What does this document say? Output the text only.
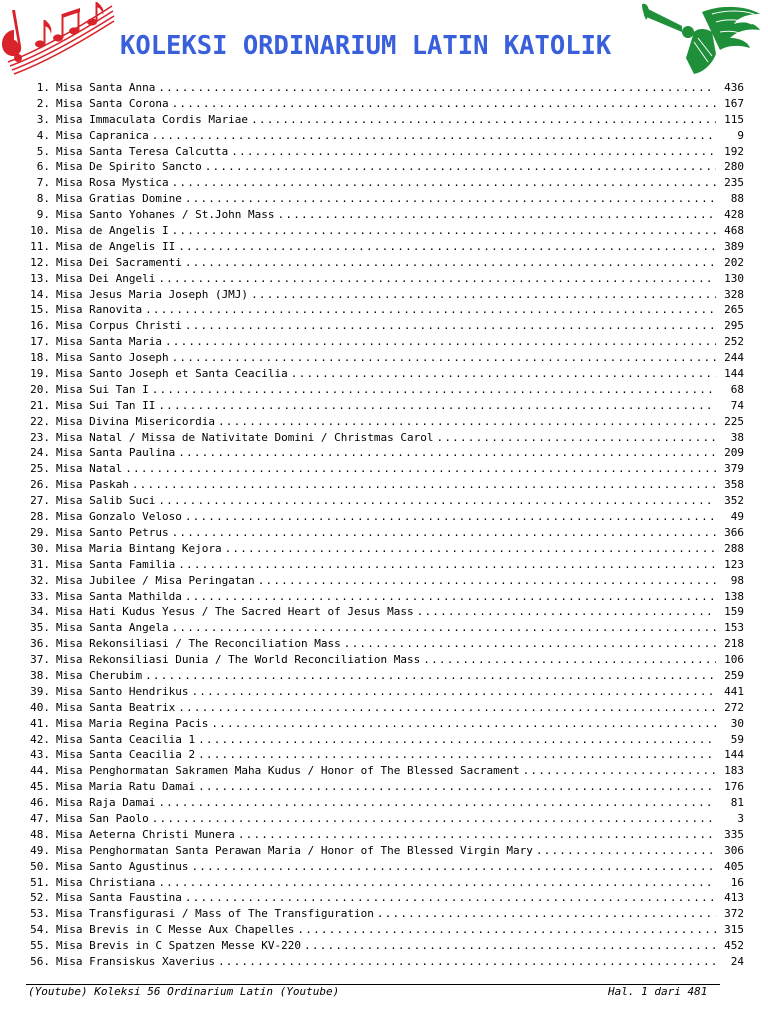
KOLEKSI ORDINARIUM LATIN KATOLIK
1. Misa Santa Anna .....	436
2. Misa Santa Corona .....	167
3. Misa Immaculata Cordis Mariae .....	115
4. Misa Capranica .....	9
5. Misa Santa Teresa Calcutta .....	192
6. Misa De Spirito Sancto .....	280
7. Misa Rosa Mystica .....	235
8. Misa Gratias Domine .....	88
9. Misa Santo Yohanes / St.John Mass .....	428
10. Misa de Angelis I .....	468
11. Misa de Angelis II .....	389
12. Misa Dei Sacramenti .....	202
13. Misa Dei Angeli .....	130
14. Misa Jesus Maria Joseph (JMJ) .....	328
15. Misa Ranovita .....	265
16. Misa Corpus Christi .....	295
17. Misa Santa Maria .....	252
18. Misa Santo Joseph .....	244
19. Misa Santo Joseph et Santa Ceacilia .....	144
20. Misa Sui Tan I .....	68
21. Misa Sui Tan II .....	74
22. Misa Divina Misericordia .....	225
23. Misa Natal / Missa de Nativitate Domini / Christmas Carol .....	38
24. Misa Santa Paulina .....	209
25. Misa Natal .....	379
26. Misa Paskah .....	358
27. Misa Salib Suci .....	352
28. Misa Gonzalo Veloso .....	49
29. Misa Santo Petrus .....	366
30. Misa Maria Bintang Kejora .....	288
31. Misa Santa Familia .....	123
32. Misa Jubilee / Misa Peringatan .....	98
33. Misa Santa Mathilda .....	138
34. Misa Hati Kudus Yesus / The Sacred Heart of Jesus Mass .....	159
35. Misa Santa Angela .....	153
36. Misa Rekonsiliasi / The Reconciliation Mass .....	218
37. Misa Rekonsiliasi Dunia / The World Reconciliation Mass .....	106
38. Misa Cherubim .....	259
39. Misa Santo Hendrikus .....	441
40. Misa Santa Beatrix .....	272
41. Misa Maria Regina Pacis .....	30
42. Misa Santa Ceacilia 1 .....	59
43. Misa Santa Ceacilia 2 .....	144
44. Misa Penghormatan Sakramen Maha Kudus / Honor of The Blessed Sacrament .....	183
45. Misa Maria Ratu Damai .....	176
46. Misa Raja Damai .....	81
47. Misa San Paolo .....	3
48. Misa Aeterna Christi Munera .....	335
49. Misa Penghormatan Santa Perawan Maria / Honor of The Blessed Virgin Mary .....	306
50. Misa Santo Agustinus .....	405
51. Misa Christiana .....	16
52. Misa Santa Faustina .....	413
53. Misa Transfigurasi / Mass of The Transfiguration .....	372
54. Misa Brevis in C Messe Aux Chapelles .....	315
55. Misa Brevis in C Spatzen Messe KV-220 .....	452
56. Misa Fransiskus Xaverius .....	24
(Youtube) Koleksi 56 Ordinarium Latin (Youtube)	Hal. 1 dari 481
